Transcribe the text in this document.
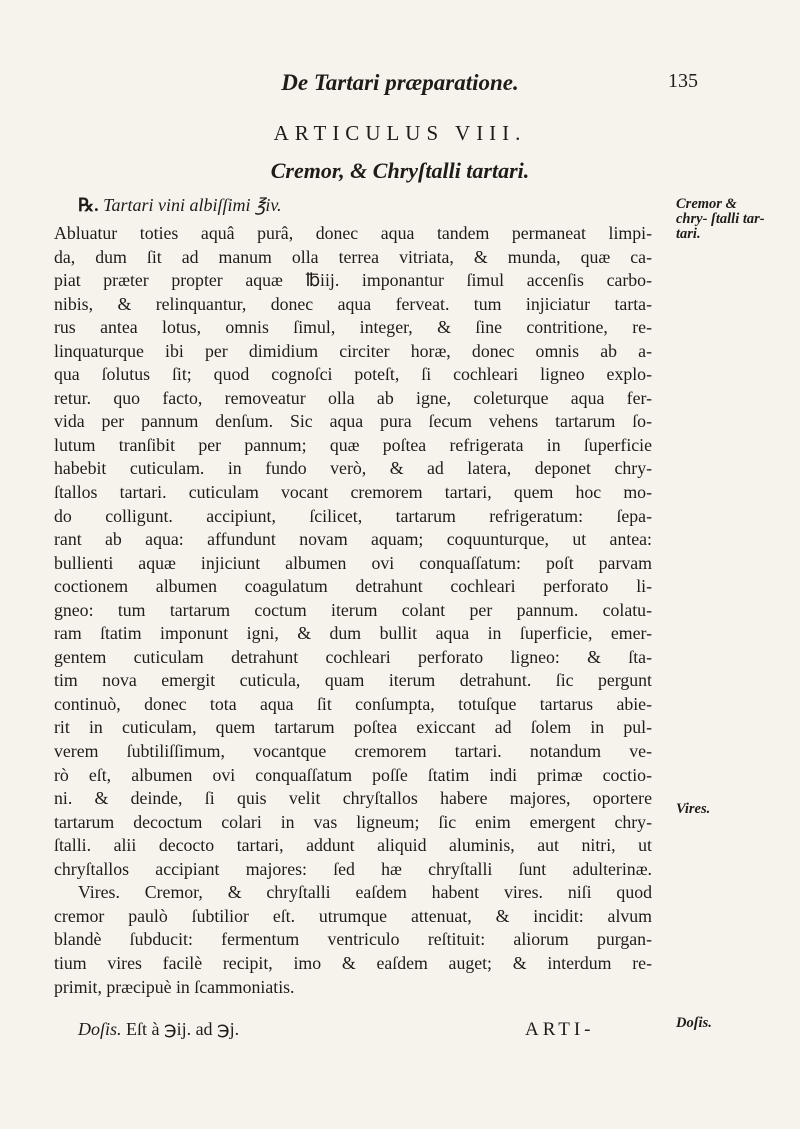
De Tartari præparatione.	135
ARTICULUS VIII.
Cremor, & Chryſtalli tartari.
℞. Tartari vini albiſſimi ℥iv.
Abluatur toties aquâ purâ, donec aqua tandem permaneat limpi-
da, dum ſit ad manum olla terrea vitriata, & munda, quæ ca-
piat præter propter aquæ ℔iij. imponantur ſimul accenſis carbo-
nibis, & relinquantur, donec aqua ferveat. tum injiciatur tarta-
rus antea lotus, omnis ſimul, integer, & ſine contritione, re-
linquaturque ibi per dimidium circiter horæ, donec omnis ab a-
qua ſolutus ſit; quod cognoſci poteſt, ſi cochleari ligneo explo-
retur. quo facto, removeatur olla ab igne, coleturque aqua fer-
vida per pannum denſum. Sic aqua pura ſecum vehens tartarum ſo-
lutum tranſibit per pannum; quæ poſtea refrigerata in ſuperficie
habebit cuticulam. in fundo verò, & ad latera, deponet chry-
ſtallos tartari. cuticulam vocant cremorem tartari, quem hoc mo-
do colligunt. accipiunt, ſcilicet, tartarum refrigeratum: ſepa-
rant ab aqua: affundunt novam aquam; coquunturque, ut antea:
bullienti aquæ injiciunt albumen ovi conquaſſatum: poſt parvam
coctionem albumen coagulatum detrahunt cochleari perforato li-
gneo: tum tartarum coctum iterum colant per pannum. colatu-
ram ſtatim imponunt igni, & dum bullit aqua in ſuperficie, emer-
gentem cuticulam detrahunt cochleari perforato ligneo: & ſta-
tim nova emergit cuticula, quam iterum detrahunt. ſic pergunt
continuò, donec tota aqua ſit conſumpta, totuſque tartarus abie-
rit in cuticulam, quem tartarum poſtea exiccant ad ſolem in pul-
verem ſubtiliſſimum, vocantque cremorem tartari. notandum ve-
rò eſt, albumen ovi conquaſſatum poſſe ſtatim indi primæ coctio-
ni. & deinde, ſi quis velit chryſtallos habere majores, oportere
tartarum decoctum colari in vas ligneum; ſic enim emergent chry-
ſtalli. alii decocto tartari, addunt aliquid aluminis, aut nitri, ut
chryſtallos accipiant majores: ſed hæ chryſtalli ſunt adulterinæ.
Vires. Cremor, & chryſtalli eaſdem habent vires. niſi quod
cremor paulò ſubtilior eſt. utrumque attenuat, & incidit: alvum
blandè ſubducit: fermentum ventriculo reſtituit: aliorum purgan-
tium vires facilè recipit, imo & eaſdem auget; & interdum re-
primit, præcipuè in ſcammoniatis.
Doſis. Eſt à ℈ij. ad ℈j.	ARTI-
Cremor & chry- ſtalli tar- tari.
Vires.
Doſis.
